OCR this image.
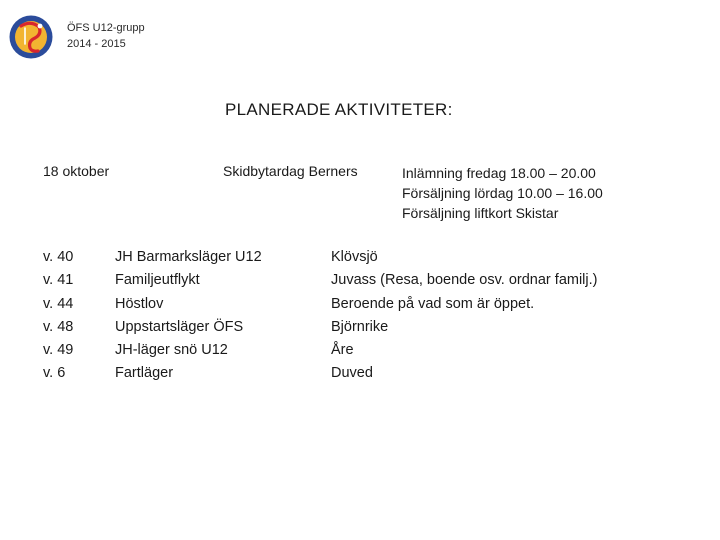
ÖFS U12-grupp
2014 - 2015
PLANERADE AKTIVITETER:
18 oktober	Skidbytardag Berners	Inlämning fredag 18.00 – 20.00
Försäljning lördag 10.00 – 16.00
Försäljning liftkort Skistar
v. 40	JH Barmarksläger U12	Klövsjö
v. 41	Familjeutflykt	Juvass (Resa, boende osv. ordnar familj.)
v. 44	Höstlov	Beroende på vad som är öppet.
v. 48	Uppstartsläger ÖFS	Björnrike
v. 49	JH-läger snö U12	Åre
v. 6	Fartläger	Duved
